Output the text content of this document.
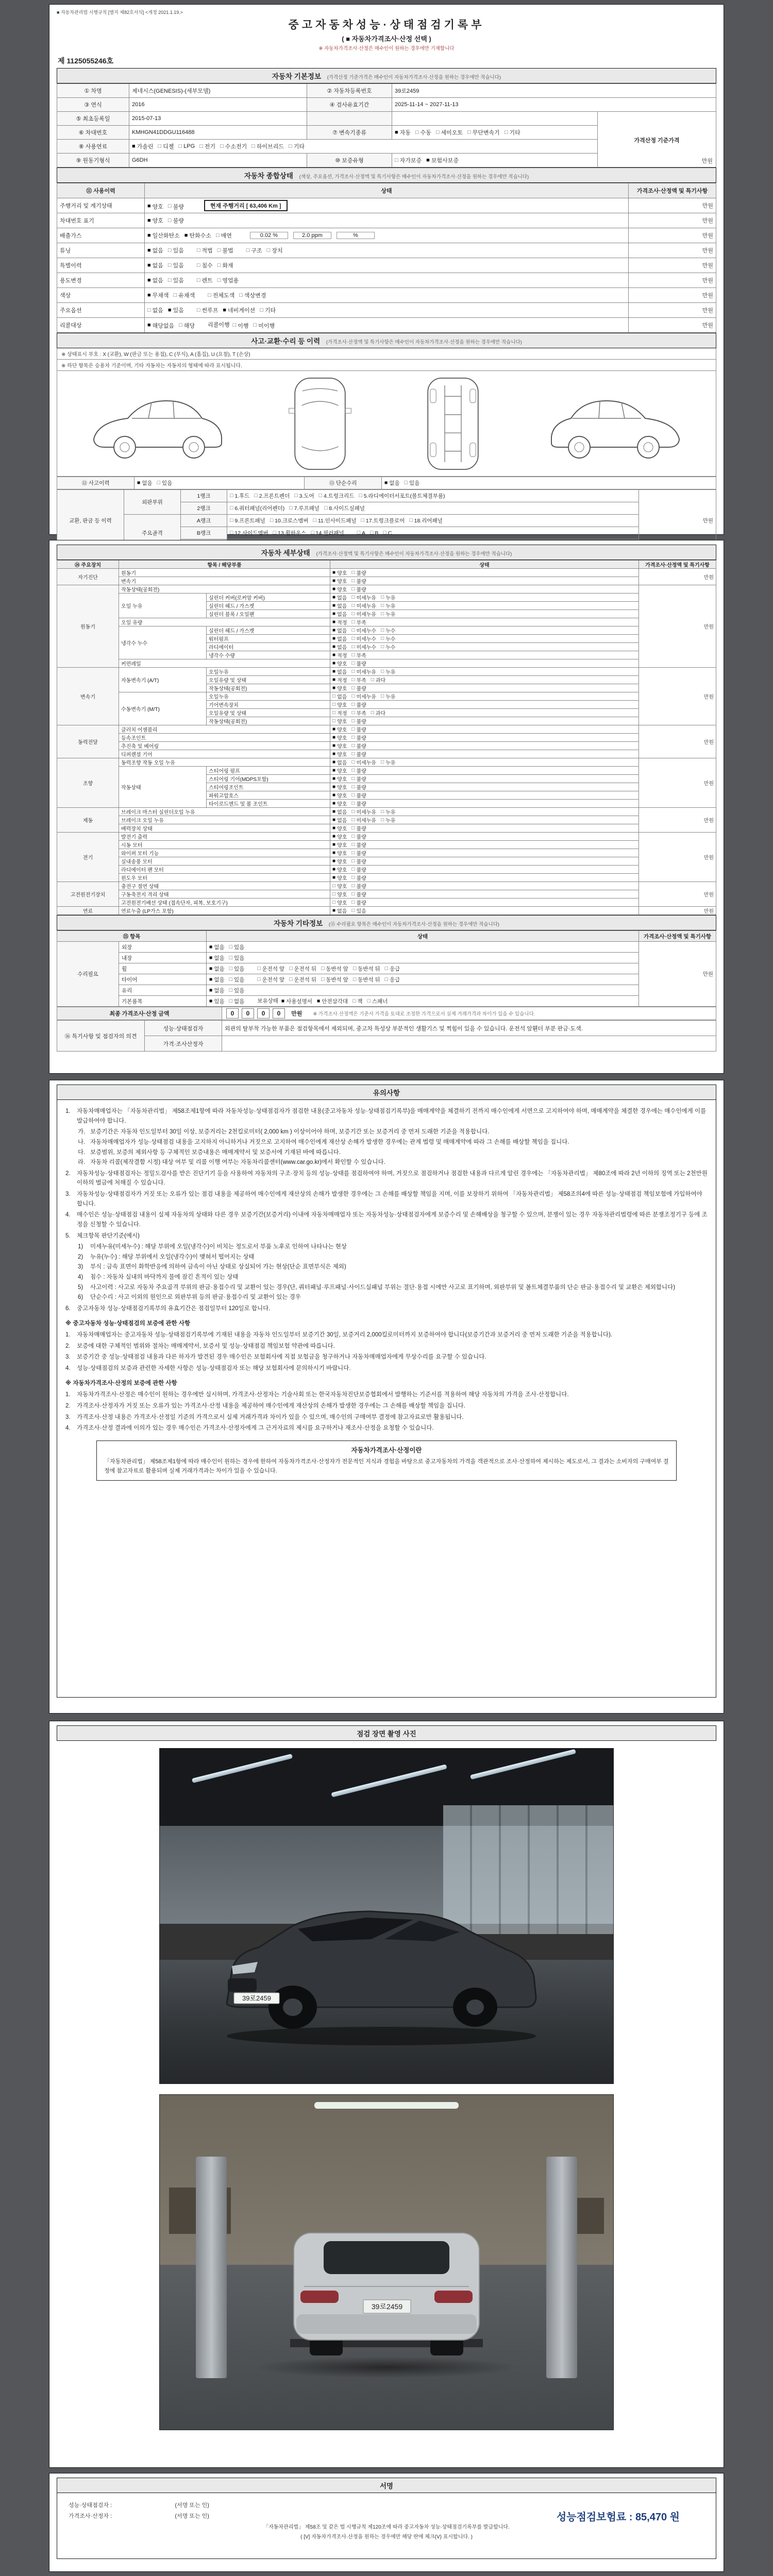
■ 자동차관리법 시행규칙 [별지 제82호서식] <개정 2021.1.19.>
중고자동차성능·상태점검기록부
( ■ 자동차가격조사·산정 선택 )
※ 자동차가격조사·산정은 매수인이 원하는 경우에만 기재합니다
제 1125055246호
자동차 기본정보 (가격산정 기준가격은 매수인이 자동차가격조사·산정을 원하는 경우에만 적습니다)
① 차명	제네시스(GENESIS)-(세부모델)	② 자동차등록번호	39로2459	
③ 연식	2016	④ 검사유효기간	2025-11-14 ~ 2027-11-13	
⑤ 최초등록일	2015-07-13			가격산정 기준가격
만원

⑥ 차대번호	KMHGN41DDGU116488	⑦ 변속기종류	■ 자동 □ 수동 □ 세미오토 □ 무단변속기 □ 기타

⑧ 사용연료	■ 가솔린 □ 디젤 □ LPG □ 전기 □ 수소전기 □ 하이브리드 □ 기타

⑨ 원동기형식	G6DH	⑩ 보증유형	□ 자가보증 ■ 보험사보증	
자동차 종합상태 (색상, 주요옵션, 가격조사·산정액 및 특기사항은 매수인이 자동차가격조사·산정을 원하는 경우에만 적습니다)
⑪ 사용이력	상태	가격조사·산정액 및 특기사항
주행거리 및 계기상태	■ 양호 □ 불량 현재 주행거리 [ 63,406 Km ]	만원
차대번호 표기	■ 양호 □ 불량	만원
배출가스	■ 일산화탄소 ■ 탄화수소 □ 매연	0.02 %	2.0 ppm	%	만원
튜닝	■ 없음 □ 있음 □ 적법 □ 불법 □ 구조 □ 장치	만원
특별이력	■ 없음 □ 있음 □ 침수 □ 화재	만원
용도변경	■ 없음 □ 있음 □ 렌트 □ 영업용	만원
색상	■ 무채색 □ 유채색 □ 전체도색 □ 색상변경	만원
주요옵션	□ 없음 ■ 있음 □ 썬루프 ■ 네비게이션 □ 기타	만원
리콜대상	■ 해당없음 □ 해당 리콜이행 □ 이행 □ 미이행	만원
사고·교환·수리 등 이력 (가격조사·산정액 및 특기사항은 매수인이 자동차가격조사·산정을 원하는 경우에만 적습니다)
※ 상태표시 부호 : X (교환), W (판금 또는 용접), C (부식), A (흠집), U (요철), T (손상)
※ 하단 항목은 승용차 기준이며, 기타 자동차는 자동차의 형태에 따라 표시됩니다.
⑫ 사고이력	■ 없음 □ 있음	⑬ 단순수리	■ 없음 □ 있음
교환, 판금 등 이력	외판부위	1랭크	□ 1.후드 □ 2.프론트펜더 □ 3.도어 □ 4.트렁크리드 □ 5.라디에이터서포트(볼트체결부품)
	만원
2랭크	□ 6.쿼터패널(리어펜더) □ 7.루프패널 □ 8.사이드실패널

주요골격	A랭크	□ 9.프론트패널 □ 10.크로스멤버 □ 11.인사이드패널 □ 17.트렁크플로어 □ 18.리어패널

B랭크	□ 12.사이드멤버 □ 13.휠하우스 □ 14.필러패널 □ A □ B □ C

자동차 세부상태 (가격조사·산정액 및 특기사항은 매수인이 자동차가격조사·산정을 원하는 경우에만 적습니다)
⑭ 주요장치	항목 / 해당부품		상태	가격조사·산정액 및 특기사항
자기진단	원동기		■ 양호 □ 불량	만원
	변속기		■ 양호 □ 불량	

원동기	작동상태(공회전)		■ 양호 □ 불량	만원
오일 누유	실린더 커버(로커암 커버)	■ 없음 □ 미세누유 □ 누유

실린더 헤드 / 가스켓	■ 없음 □ 미세누유 □ 누유

실린더 블록 / 오일팬	■ 없음 □ 미세누유 □ 누유

	오일 유량		■ 적정 □ 부족	

냉각수 누수	실린더 헤드 / 가스켓	■ 없음 □ 미세누수 □ 누수

워터펌프	■ 없음 □ 미세누수 □ 누수

라디에이터	■ 없음 □ 미세누수 □ 누수

		냉각수 수량	■ 적정 □ 부족	

	커먼레일		■ 양호 □ 불량	

변속기	자동변속기 (A/T)	오일누유	■ 없음 □ 미세누유 □ 누유
	만원
오일유량 및 상태	■ 적정 □ 부족 □ 과다

		작동상태(공회전)	■ 양호 □ 불량	

수동변속기 (M/T)	오일누유	□ 없음 □ 미세누유 □ 누유

		기어변속장치	□ 양호 □ 불량	

오일유량 및 상태	□ 적정 □ 부족 □ 과다

		작동상태(공회전)	□ 양호 □ 불량	

동력전달	클러치 어셈블리		■ 양호 □ 불량	만원
	등속조인트		■ 양호 □ 불량	

	추진축 및 베어링		■ 양호 □ 불량	

	디퍼렌셜 기어		■ 양호 □ 불량	

조향	동력조향 작동 오일 누유	■ 없음 □ 미세누유 □ 누유
	만원
	작동상태	스티어링 펌프	■ 양호 □ 불량	

		스티어링 기어(MDPS포함)	■ 양호 □ 불량	

		스티어링조인트	■ 양호 □ 불량	

		파워고압호스	■ 양호 □ 불량	

		타이로드엔드 및 볼 조인트	■ 양호 □ 불량	

제동	브레이크 마스터 실린더오일 누유	■ 없음 □ 미세누유 □ 누유
	만원
브레이크 오일 누유	■ 없음 □ 미세누유 □ 누유

	배력장치 상태		■ 양호 □ 불량	

전기	발전기 출력		■ 양호 □ 불량	만원
	시동 모터		■ 양호 □ 불량	

	와이퍼 모터 기능		■ 양호 □ 불량	

	실내송풍 모터		■ 양호 □ 불량	

	라디에이터 팬 모터		■ 양호 □ 불량	

	윈도우 모터		■ 양호 □ 불량	

고전원전기장치	충전구 절연 상태		□ 양호 □ 불량	만원
	구동축전지 격리 상태		□ 양호 □ 불량	

	고전원전기배선 상태 (접속단자, 피복, 보호기구)		□ 양호 □ 불량	

연료	연료누출 (LP가스 포함)		■ 없음 □ 있음	만원
자동차 기타정보 (⑮ 수리필요 항목은 매수인이 자동차가격조사·산정을 원하는 경우에만 적습니다)
⑮ 항목		상태	가격조사·산정액 및 특기사항
수리필요	외장	■ 없음 □ 있음	만원
	내장	■ 없음 □ 있음	

휠	■ 없음 □ 있음 □ 운전석 앞 □ 운전석 뒤 □ 동반석 앞 □ 동반석 뒤 □ 응급

타이어	■ 없음 □ 있음 □ 운전석 앞 □ 운전석 뒤 □ 동반석 앞 □ 동반석 뒤 □ 응급

	유리	■ 없음 □ 있음	

기본품목	■ 있음 □ 없음 보유상태 ■ 사용설명서 ■ 안전삼각대 □ 잭 □ 스패너
최종 가격조사·산정 금액	0 0 0 0 만원 ※ 가격조사·산정액은 기준서 가격을 토대로 조정한 가격으로서 실제 거래가격과 차이가 있을 수 있습니다.
⑯ 특기사항 및 점검자의 의견	성능·상태점검자	외관의 탈부착 가능한 부품은 점검항목에서 제외되며, 중고차 특성상 부분적인 생활기스 및 찍힘이 있을 수 있습니다. 운전석 앞휀더 부분 판금·도색.
	가격·조사산정자	
유의사항
1.	자동차매매업자는 「자동차관리법」 제58조제1항에 따라 자동차성능·상태점검자가 점검한 내용(중고자동차 성능·상태점검기록부)을 매매계약을 체결하기 전까지 매수인에게 서면으로 고지하여야 하며, 매매계약을 체결한 경우에는 매수인에게 이를 발급하여야 합니다.
가. 보증기간은 자동차 인도일부터 30일 이상, 보증거리는 2천킬로미터( 2,000 km ) 이상이어야 하며, 보증기간 또는 보증거리 중 먼저 도래한 기준을 적용합니다.
나. 자동차매매업자가 성능·상태점검 내용을 고지하지 아니하거나 거짓으로 고지하여 매수인에게 재산상 손해가 발생한 경우에는 관계 법령 및 매매계약에 따라 그 손해를 배상할 책임을 집니다.
다. 보증범위, 보증의 제외사항 등 구체적인 보증내용은 매매계약서 및 보증서에 기재된 바에 따릅니다.
라. 자동차 리콜(제작결함 시정) 대상 여부 및 리콜 이행 여부는 자동차리콜센터(www.car.go.kr)에서 확인할 수 있습니다.
2.	자동차성능·상태점검자는 정밀도검사를 받은 진단기기 등을 사용하여 자동차의 구조·장치 등의 성능·상태를 점검하여야 하며, 거짓으로 점검하거나 점검한 내용과 다르게 알린 경우에는 「자동차관리법」 제80조에 따라 2년 이하의 징역 또는 2천만원 이하의 벌금에 처해질 수 있습니다.
3.	자동차성능·상태점검자가 거짓 또는 오류가 있는 점검 내용을 제공하여 매수인에게 재산상의 손해가 발생한 경우에는 그 손해를 배상할 책임을 지며, 이를 보장하기 위하여 「자동차관리법」 제58조의4에 따른 성능·상태점검 책임보험에 가입하여야 합니다.
4.	매수인은 성능·상태점검 내용이 실제 자동차의 상태와 다른 경우 보증기간(보증거리) 이내에 자동차매매업자 또는 자동차성능·상태점검자에게 보증수리 및 손해배상을 청구할 수 있으며, 분쟁이 있는 경우 자동차관리법령에 따른 분쟁조정기구 등에 조정을 신청할 수 있습니다.
5.	체크항목 판단기준(예시)
1)	미세누유(미세누수) : 해당 부위에 오일(냉각수)이 비치는 정도로서 부품 노후로 인하여 나타나는 현상
2)	누유(누수) : 해당 부위에서 오일(냉각수)이 맺혀서 떨어지는 상태
3)	부식 : 금속 표면이 화학반응에 의하여 금속이 아닌 상태로 상실되어 가는 현상(단순 표면부식은 제외)
4)	침수 : 자동차 실내의 바닥까지 물에 잠긴 흔적이 있는 상태
5)	사고이력 : 사고로 자동차 주요골격 부위의 판금·용접수리 및 교환이 있는 경우(단, 쿼터패널·루프패널·사이드실패널 부위는 절단·용접 시에만 사고로 표기하며, 외판부위 및 볼트체결부품의 단순 판금·용접수리 및 교환은 제외합니다)
6)	단순수리 : 사고 이외의 원인으로 외판부위 등의 판금·용접수리 및 교환이 있는 경우
6.	중고자동차 성능·상태점검기록부의 유효기간은 점검일부터 120일로 합니다.
※ 중고자동차 성능·상태점검의 보증에 관한 사항
1.	자동차매매업자는 중고자동차 성능·상태점검기록부에 기재된 내용을 자동차 인도일부터 보증기간 30일, 보증거리 2,000킬로미터까지 보증하여야 합니다(보증기간과 보증거리 중 먼저 도래한 기준을 적용합니다).
2.	보증에 대한 구체적인 범위와 절차는 매매계약서, 보증서 및 성능·상태점검 책임보험 약관에 따릅니다.
3.	보증기간 중 성능·상태점검 내용과 다른 하자가 발견된 경우 매수인은 보험회사에 직접 보험금을 청구하거나 자동차매매업자에게 무상수리를 요구할 수 있습니다.
4.	성능·상태점검의 보증과 관련한 자세한 사항은 성능·상태점검자 또는 해당 보험회사에 문의하시기 바랍니다.
※ 자동차가격조사·산정의 보증에 관한 사항
1.	자동차가격조사·산정은 매수인이 원하는 경우에만 실시하며, 가격조사·산정자는 기술사회 또는 한국자동차진단보증협회에서 발행하는 기준서를 적용하여 해당 자동차의 가격을 조사·산정합니다.
2.	가격조사·산정자가 거짓 또는 오류가 있는 가격조사·산정 내용을 제공하여 매수인에게 재산상의 손해가 발생한 경우에는 그 손해를 배상할 책임을 집니다.
3.	가격조사·산정 내용은 가격조사·산정일 기준의 가격으로서 실제 거래가격과 차이가 있을 수 있으며, 매수인의 구매여부 결정에 참고자료로만 활용됩니다.
4.	가격조사·산정 결과에 이의가 있는 경우 매수인은 가격조사·산정자에게 그 근거자료의 제시를 요구하거나 재조사·산정을 요청할 수 있습니다.
자동차가격조사·산정이란
「자동차관리법」 제58조제1항에 따라 매수인이 원하는 경우에 한하여 자동차가격조사·산정자가 전문적인 지식과 경험을 바탕으로 중고자동차의 가격을 객관적으로 조사·산정하여 제시하는 제도로서, 그 결과는 소비자의 구매여부 결정에 참고자료로 활용되며 실제 거래가격과는 차이가 있을 수 있습니다.
점검 장면 촬영 사진
39로2459
39로2459
서명
성능·상태점검자 :                                        (서명 또는 인)
가격조사·산정자 :                                        (서명 또는 인)	성능점검보험료 : 85,470 원
「자동차관리법」 제58조 및 같은 법 시행규칙 제120조에 따라 중고자동차 성능·상태점검기록부를 발급합니다.
( [V] 자동차가격조사·산정을 원하는 경우에만 해당 란에 체크(V) 표시합니다. )
